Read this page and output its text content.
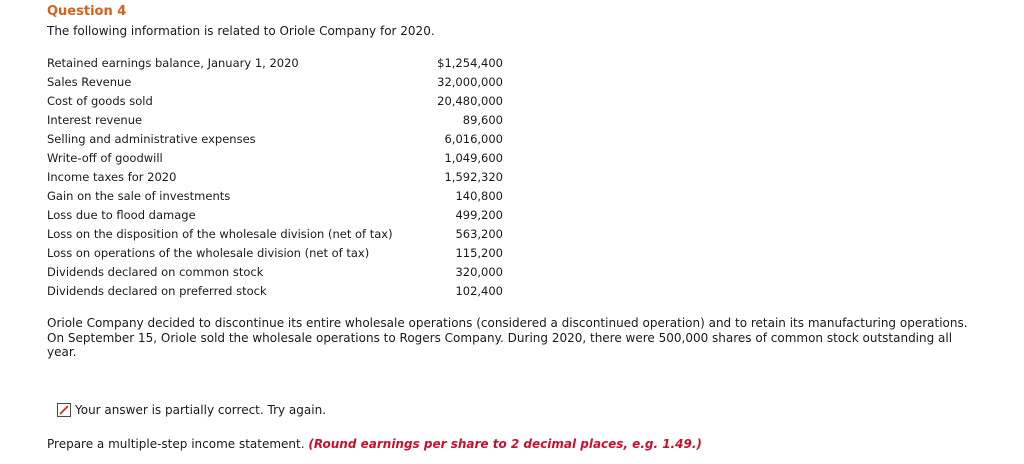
Question 4
The following information is related to Oriole Company for 2020.
Retained earnings balance, January 1, 2020	$1,254,400
Sales Revenue	32,000,000
Cost of goods sold	20,480,000
Interest revenue	89,600
Selling and administrative expenses	6,016,000
Write-off of goodwill	1,049,600
Income taxes for 2020	1,592,320
Gain on the sale of investments	140,800
Loss due to flood damage	499,200
Loss on the disposition of the wholesale division (net of tax)	563,200
Loss on operations of the wholesale division (net of tax)	115,200
Dividends declared on common stock	320,000
Dividends declared on preferred stock	102,400
Oriole Company decided to discontinue its entire wholesale operations (considered a discontinued operation) and to retain its manufacturing operations. On September 15, Oriole sold the wholesale operations to Rogers Company. During 2020, there were 500,000 shares of common stock outstanding all year.
Your answer is partially correct. Try again.
Prepare a multiple-step income statement. (Round earnings per share to 2 decimal places, e.g. 1.49.)
